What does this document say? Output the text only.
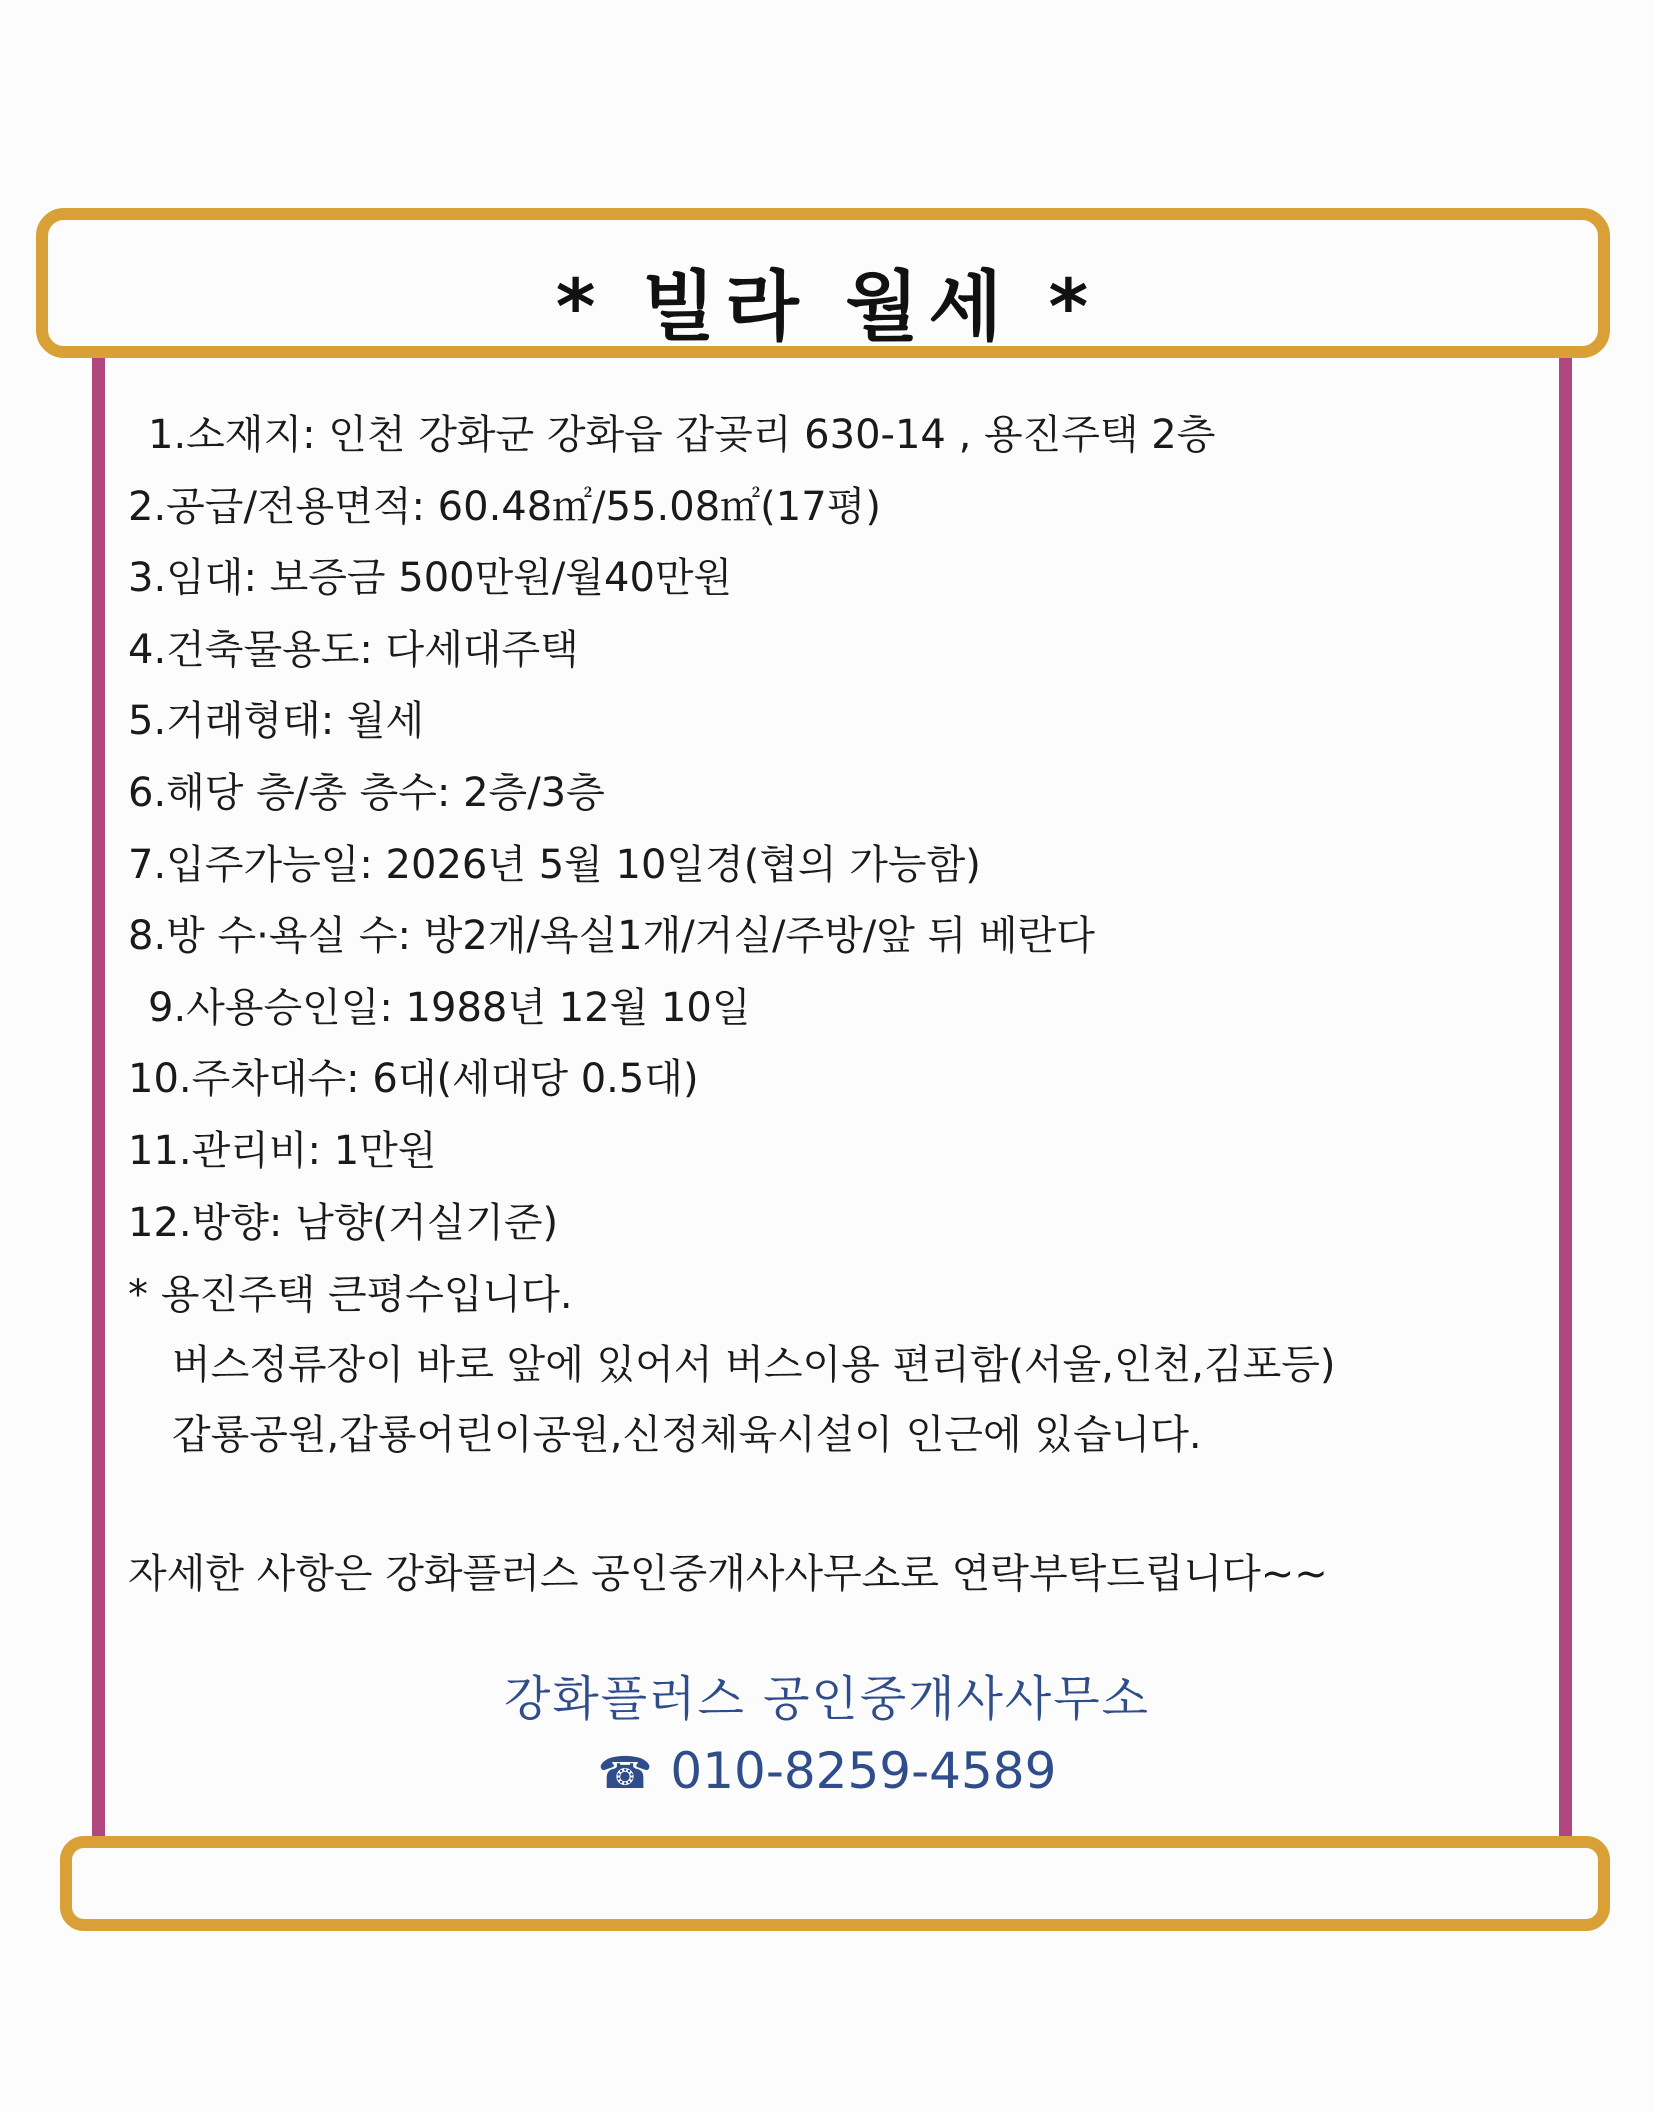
* 빌라 월세 *
1.소재지: 인천 강화군 강화읍 갑곶리 630-14 , 용진주택 2층
2.공급/전용면적: 60.48㎡/55.08㎡(17평)
3.임대: 보증금 500만원/월40만원
4.건축물용도: 다세대주택
5.거래형태: 월세
6.해당 층/총 층수: 2층/3층
7.입주가능일: 2026년 5월 10일경(협의 가능함)
8.방 수·욕실 수: 방2개/욕실1개/거실/주방/앞 뒤 베란다
9.사용승인일: 1988년 12월 10일
10.주차대수: 6대(세대당 0.5대)
11.관리비: 1만원
12.방향: 남향(거실기준)
* 용진주택 큰평수입니다.
버스정류장이 바로 앞에 있어서 버스이용 편리함(서울,인천,김포등)
갑룡공원,갑룡어린이공원,신정체육시설이 인근에 있습니다.
자세한 사항은 강화플러스 공인중개사사무소로 연락부탁드립니다~~
강화플러스 공인중개사사무소
☎ 010-8259-4589
